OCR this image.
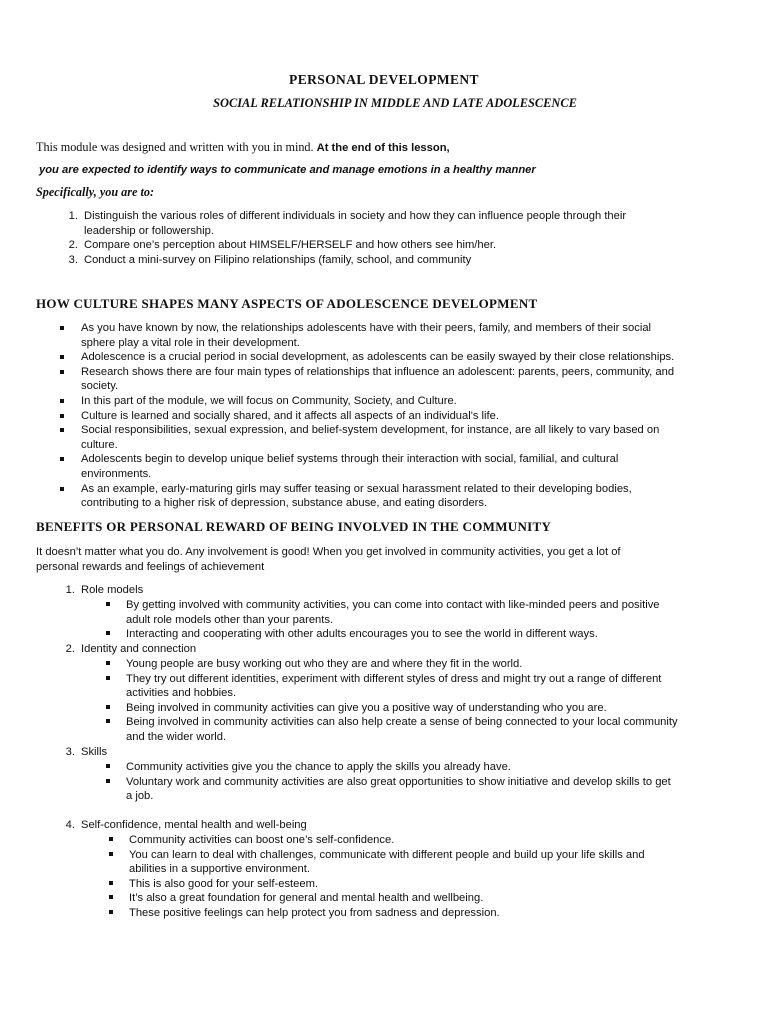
PERSONAL DEVELOPMENT
SOCIAL RELATIONSHIP IN MIDDLE AND LATE ADOLESCENCE
This module was designed and written with you in mind. At the end of this lesson,
you are expected to identify ways to communicate and manage emotions in a healthy manner
Specifically, you are to:
1. Distinguish the various roles of different individuals in society and how they can influence people through their
leadership or followership.
2. Compare one’s perception about HIMSELF/HERSELF and how others see him/her.
3. Conduct a mini-survey on Filipino relationships (family, school, and community
HOW CULTURE SHAPES MANY ASPECTS OF ADOLESCENCE DEVELOPMENT
As you have known by now, the relationships adolescents have with their peers, family, and members of their social
sphere play a vital role in their development.
Adolescence is a crucial period in social development, as adolescents can be easily swayed by their close relationships.
Research shows there are four main types of relationships that influence an adolescent: parents, peers, community, and
society.
In this part of the module, we will focus on Community, Society, and Culture.
Culture is learned and socially shared, and it affects all aspects of an individual's life.
Social responsibilities, sexual expression, and belief-system development, for instance, are all likely to vary based on
culture.
Adolescents begin to develop unique belief systems through their interaction with social, familial, and cultural
environments.
As an example, early-maturing girls may suffer teasing or sexual harassment related to their developing bodies,
contributing to a higher risk of depression, substance abuse, and eating disorders.
BENEFITS OR PERSONAL REWARD OF BEING INVOLVED IN THE COMMUNITY
It doesn’t matter what you do. Any involvement is good! When you get involved in community activities, you get a lot of
personal rewards and feelings of achievement
1. Role models
By getting involved with community activities, you can come into contact with like-minded peers and positive
adult role models other than your parents.
Interacting and cooperating with other adults encourages you to see the world in different ways.
2. Identity and connection
Young people are busy working out who they are and where they fit in the world.
They try out different identities, experiment with different styles of dress and might try out a range of different
activities and hobbies.
Being involved in community activities can give you a positive way of understanding who you are.
Being involved in community activities can also help create a sense of being connected to your local community
and the wider world.
3. Skills
Community activities give you the chance to apply the skills you already have.
Voluntary work and community activities are also great opportunities to show initiative and develop skills to get
a job.
4. Self-confidence, mental health and well-being
Community activities can boost one’s self-confidence.
You can learn to deal with challenges, communicate with different people and build up your life skills and
abilities in a supportive environment.
This is also good for your self-esteem.
It’s also a great foundation for general and mental health and wellbeing.
These positive feelings can help protect you from sadness and depression.
